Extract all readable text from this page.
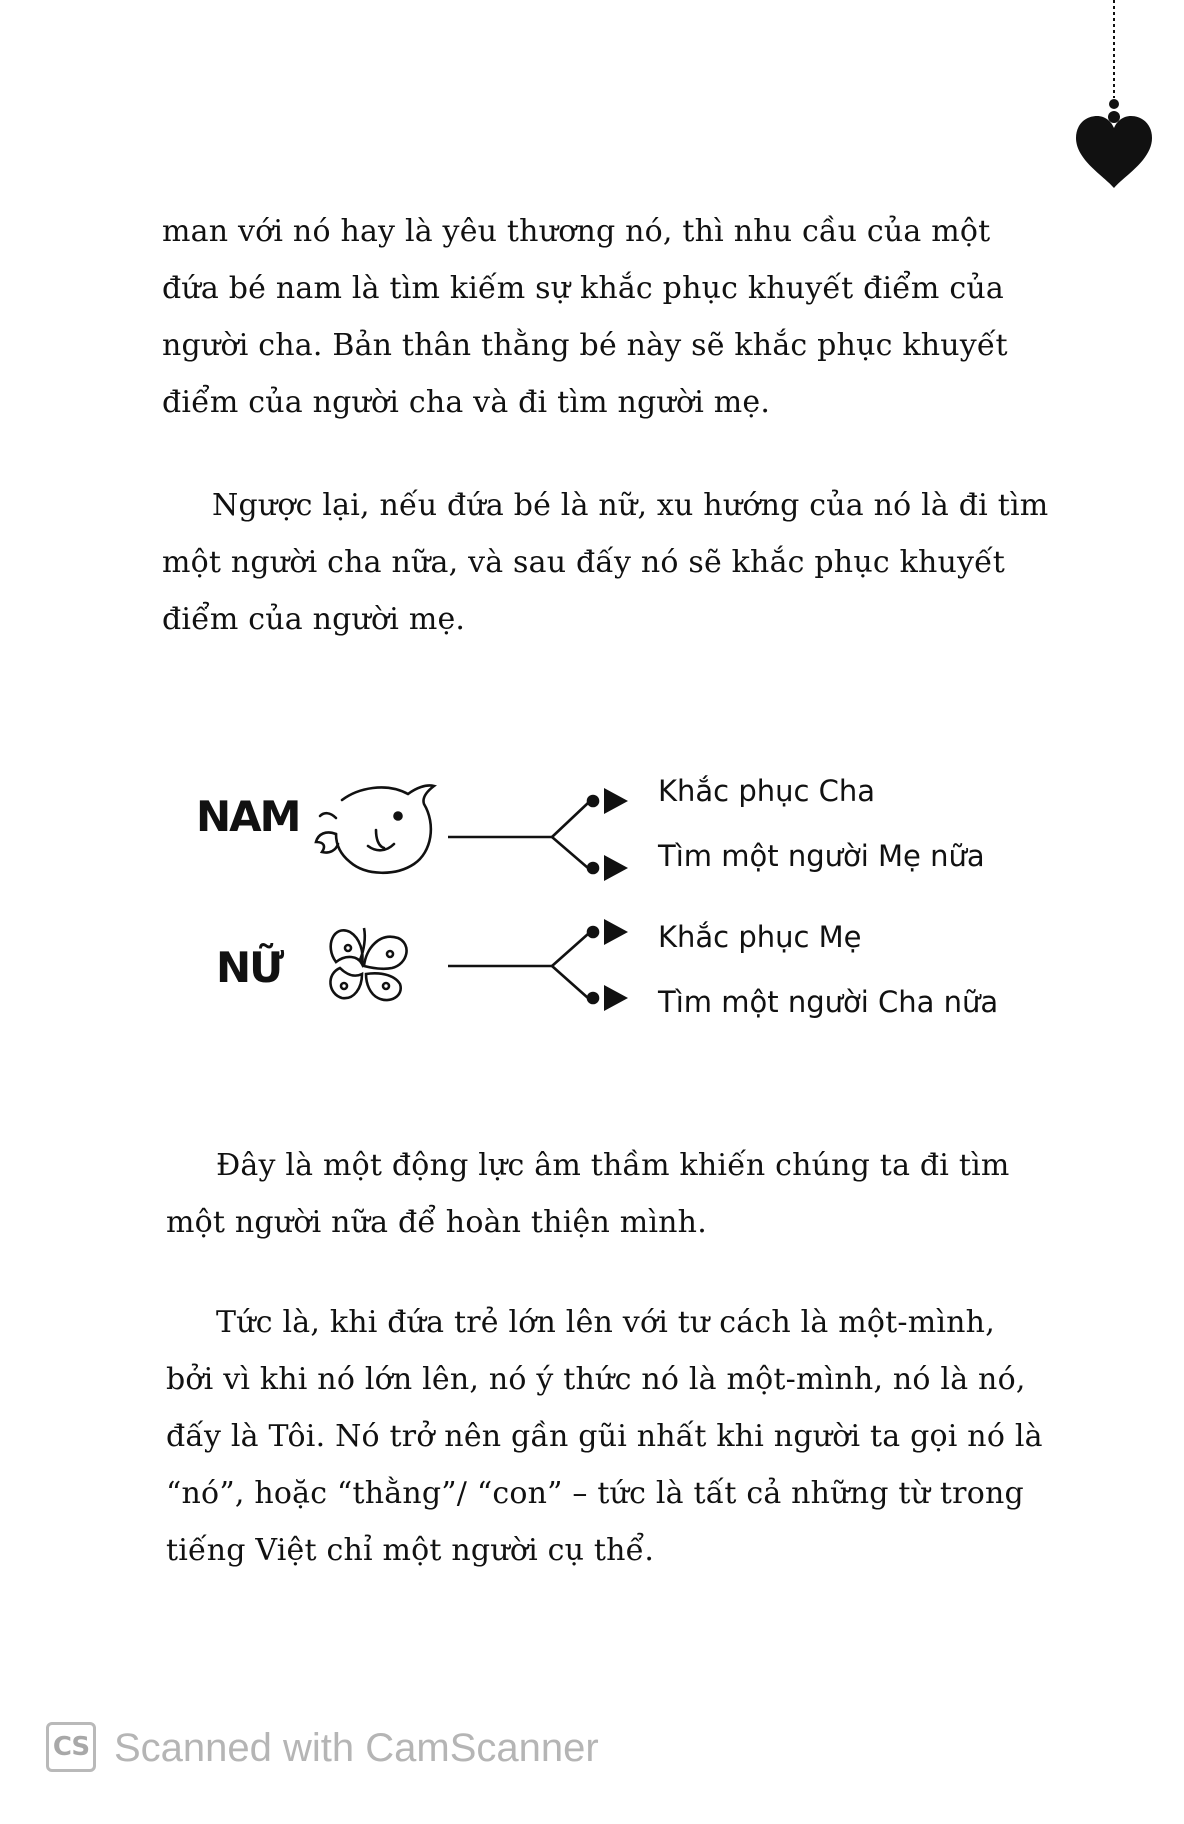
man với nó hay là yêu thương nó, thì nhu cầu của một
đứa bé nam là tìm kiếm sự khắc phục khuyết điểm của
người cha. Bản thân thằng bé này sẽ khắc phục khuyết
điểm của người cha và đi tìm người mẹ.
Ngược lại, nếu đứa bé là nữ, xu hướng của nó là đi tìm
một người cha nữa, và sau đấy nó sẽ khắc phục khuyết
điểm của người mẹ.
NAM
NỮ
Khắc phục Cha
Tìm một người Mẹ nữa
Khắc phục Mẹ
Tìm một người Cha nữa
Đây là một động lực âm thầm khiến chúng ta đi tìm
một người nữa để hoàn thiện mình.
Tức là, khi đứa trẻ lớn lên với tư cách là một-mình,
bởi vì khi nó lớn lên, nó ý thức nó là một-mình, nó là nó,
đấy là Tôi. Nó trở nên gần gũi nhất khi người ta gọi nó là
“nó”, hoặc “thằng”/ “con” – tức là tất cả những từ trong
tiếng Việt chỉ một người cụ thể.
CS Scanned with CamScanner
